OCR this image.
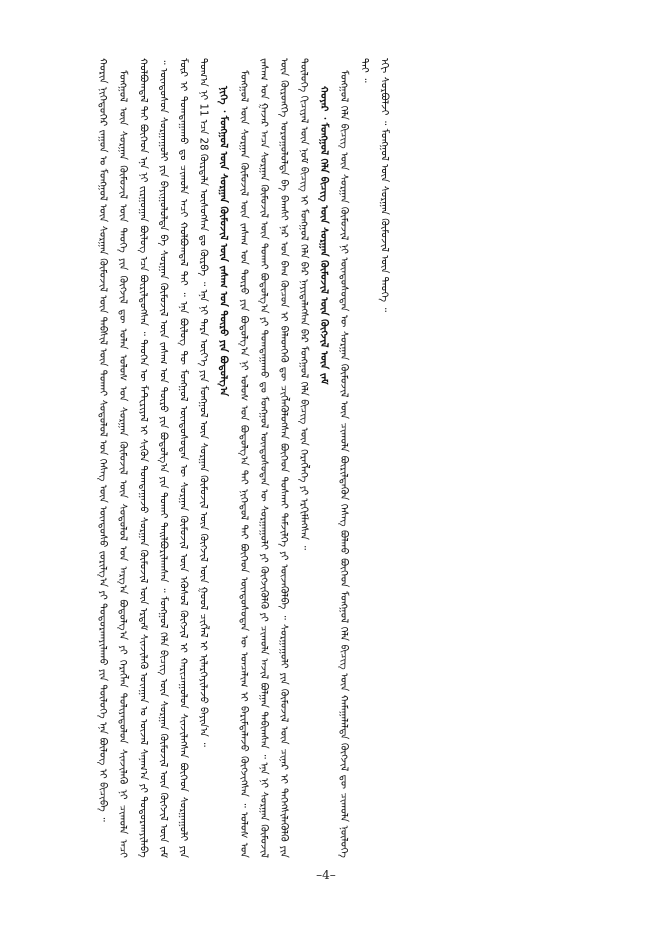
ᠬᠣᠷᠢᠨ ᠨᠢᠭᠡᠳᠦᠭᠡᠷ ᠵᠠᠭᠤᠨ ᠤ ᠮᠣᠩᠭᠣᠯ ᠦᠨ ᠰᠤᠷᠭᠠᠨ ᠬᠦᠮᠦᠵᠢᠯ ᠦᠨ ᠳᠡᠪᠰᠢᠯ ᠦᠨ ᠲᠤᠬᠠᠢ ᠰᠤᠳᠤᠯᠤᠯ ᠤᠨ ᠬᠡᠰᠡᠭ ᠦᠨ ᠦᠨᠳᠦᠰᠦ ᠵᠣᠷᠢᠯᠭ᠎ᠠ ᠶᠢ ᠲᠣᠳᠤᠷᠬᠠᠶᠢᠯᠠᠬᠤ ᠶᠢᠨ ᠲᠥᠯᠦᠭᠡ ᠡᠨᠡ ᠪᠥᠯᠥᠭ ᠢ ᠪᠢᠴᠢᠪᠡ ᠃ ᠮᠣᠩᠭᠣᠯ ᠦᠨ ᠰᠤᠷᠭᠠᠨ ᠬᠦᠮᠦᠵᠢᠯ ᠦᠨ ᠲᠡᠦᠬᠡ ᠶᠢᠨ ᠬᠥᠭᠵᠢᠯ ᠳᠦ ᠣᠯᠠᠨ ᠤᠯᠤᠰ ᠤᠨ ᠰᠤᠷᠭᠠᠨ ᠬᠦᠮᠦᠵᠢᠯ ᠦᠨ ᠰᠤᠳᠤᠯᠤᠯ ᠤᠨ ᠠᠷᠭ᠎ᠠ ᠪᠣᠳᠤᠯᠭ᠎ᠠ ᠶᠢ ᠬᠡᠷᠡᠭᠯᠡᠨ ᠲᠣᠯᠢᠶᠠᠳᠤᠯᠤᠨ ᠰᠢᠨᠵᠢᠯᠡᠬᠦ ᠨᠢ ᠴᠢᠬᠤᠯᠠ ᠠᠴᠢ ᠬᠣᠯᠪᠣᠭᠳᠠᠯ ᠲᠠᠢ ᠪᠥᠭᠡᠳ ᠡᠨᠡ ᠨᠢ ᠵᠢᠷᠭᠤᠭᠠᠨ ᠪᠦᠯᠦᠭ ᠡᠴᠡ ᠪᠦᠷᠢᠯᠳᠦᠭᠰᠡᠨ ᠃ ᠳᠡᠦᠬᠡᠨ ᠦ ᠮᠠᠲ᠋ᠧᠷᠢᠶᠠᠯ ᠢ ᠰᠢᠭᠦᠨ ᠲᠣᠭᠲᠠᠭᠠᠵᠤ ᠰᠤᠷᠭᠠᠨ ᠬᠦᠮᠦᠵᠢᠯ ᠦᠨ ᠡᠷᠳᠡᠮ ᠰᠢᠨᠵᠢᠯᠡᠬᠦ ᠤᢈᠠᠭᠠᠨ ᠤ ᠦᠵᠡᠯ ᠰᠠᠨᠠᠭ᠎ᠠ ᠶᠢ ᠲᠣᠳᠤᠷᠬᠠᠶᠢᠯᠠᠪᠠ ᠃ ᠦᠨᠳᠦᠰᠦᠨ ᠰᠤᠷᠭᠠᠭᠤᠯᠢ ᠶᠢᠨ ᠪᠠᠶᠢᠭᠤᠯᠤᠯᠳᠠ ᠪᠠ ᠰᠤᠷᠭᠠᠨ ᠬᠦᠮᠦᠵᠢᠯ ᠦᠨ ᠵᠠᠰᠠᠭ ᠤᠨ ᠲᠥᠷᠦ ᠶᠢᠨ ᠪᠣᠳᠣᠯᠭ᠎ᠠ ᠶᠢᠨ ᠲᠤᠬᠠᠢ ᠲᠠᠢᠯᠪᠤᠷᠢᠯᠠᠭᠰᠠᠨ ᠃ ᠮᠣᠩᠭᠣᠯ ᠬᠡᠯᠡ ᠪᠢᠴᠢᠭ ᠦᠨ ᠰᠤᠷᠭᠠᠨ ᠬᠦᠮᠦᠵᠢᠯ ᠦᠨ ᠬᠥᠭᠵᠢᠯ ᠦᠨ ᠵᠠᠮ ᠮᠥᠷ ᠢ ᠲᠣᠭᠲᠠᠭᠠᠬᠤ ᠳᠤ ᠴᠢᠬᠤᠯᠠ ᠠᠴᠢ ᠬᠣᠯᠪᠣᠭᠳᠠᠯ ᠲᠠᠢ ᠃ ᠡᠨᠡ ᠪᠦᠯᠦᠭ ᠲᠦ ᠮᠣᠩᠭᠣᠯ ᠦᠨᠳᠦᠰᠦᠲᠡᠨ ᠦ ᠰᠤᠷᠭᠠᠨ ᠬᠦᠮᠦᠵᠢᠯ ᠦᠨ ᠡᠭᠦᠰᠦᠯ ᠬᠥᠭᠵᠢᠯ ᠢ ᠬᠠᠷᠢᠴᠠᠭᠤᠯᠤᠨ ᠰᠢᠨᠵᠢᠯᠡᠭᠰᠡᠨ ᠪᠥᠭᠡᠳ ᠰᠤᠷᠭᠠᠭᠤᠯᠢ ᠶᠢᠨ ᠲᠣᠭ᠎ᠠ ᠨᠢ 11 ᠡᠴᠡ 28 ᠬᠦᠷᠲᠡᠯᠡ ᠥᠰᠦᠭᠰᠡᠨ ᠳᠤ ᠬᠦᠷᠪᠡ ᠃ ᠡᠨᠡ ᠨᠢ ᠲᠡᠷᠡ ᠦᠶ᠎ᠡ ᠶᠢᠨ ᠮᠣᠩᠭᠣᠯ ᠦᠨ ᠰᠤᠷᠭᠠᠨ ᠬᠦᠮᠦᠵᠢᠯ ᠦᠨ ᠬᠥᠭᠵᠢᠯ ᠦᠨ ᠭᠣᠣᠯ ᠴᠢᠭᠯᠡᠯ ᠢ ᠢᠯᠡᠷᠬᠡᠶᠢᠯᠡᠵᠦ ᠪᠠᠶᠢᠨ᠎ᠠ ᠃ ᠨᠢᠭᠡ ᠂ ᠮᠣᠩᠭᠣᠯ ᠦᠨ ᠰᠤᠷᠭᠠᠨ ᠬᠦᠮᠦᠵᠢᠯ ᠦᠨ ᠵᠠᠰᠠᠭ ᠤᠨ ᠲᠥᠷᠦ ᠶᠢᠨ ᠪᠣᠳᠣᠯᠭ᠎ᠠ ᠮᠣᠩᠭᠣᠯ ᠦᠨ ᠰᠤᠷᠭᠠᠨ ᠬᠦᠮᠦᠵᠢᠯ ᠦᠨ ᠵᠠᠰᠠᠭ ᠤᠨ ᠲᠥᠷᠦ ᠶᠢᠨ ᠪᠣᠳᠣᠯᠭ᠎ᠠ ᠨᠢ ᠤᠯᠤᠰ ᠤᠨ ᠪᠣᠳᠣᠯᠭ᠎ᠠ ᠲᠠᠢ ᠨᠢᠭᠡᠳᠦᠯ ᠲᠡᠢ ᠪᠥᠭᠡᠳ ᠦᠨᠳᠦᠰᠦᠲᠡᠨ ᠦ ᠣᠨᠴᠠᠯᠢᠭ ᠢ ᠪᠠᠷᠢᠮᠲᠠᠯᠠᠵᠤ ᠬᠥᠭᠵᠢᠭᠰᠡᠨ ᠃ ᠤᠯᠤᠰ ᠤᠨ ᠵᠠᠰᠠᠭ ᠤᠨ ᠭᠠᠵᠠᠷ ᠠᠴᠠ ᠰᠤᠷᠭᠠᠨ ᠬᠦᠮᠦᠵᠢᠯ ᠦᠨ ᠲᠤᠬᠠᠢ ᠪᠣᠳᠣᠯᠭ᠎ᠠ ᠶᠢ ᠲᠣᠭᠲᠠᠭᠠᠬᠤ ᠳᠤ ᠮᠣᠩᠭᠣᠯ ᠦᠨᠳᠦᠰᠦᠲᠡᠨ ᠦ ᠰᠤᠷᠭᠠᠭᠤᠯᠢ ᠶᠢ ᠬᠥᠭᠵᠢᠭᠦᠯᠬᠦ ᠶᠢ ᠴᠢᠬᠤᠯᠠ ᠠᠵᠢᠯ ᠪᠣᠯᠭᠠᠨ ᠲᠠᠪᠢᠭᠰᠠᠨ ᠃ ᠡᠨᠡ ᠨᠢ ᠰᠤᠷᠭᠠᠨ ᠬᠦᠮᠦᠵᠢᠯ ᠦᠨ ᠬᠥᠷᠥᠩᠭᠡ ᠣᠷᠤᠭᠤᠯᠤᠯᠳᠠ ᠪᠠ ᠪᠠᠭᠰᠢ ᠨᠠᠷ ᠤᠨ ᠪᠠᠭ ᠬᠦᠴᠦᠨ ᠢ ᠪᠡᠯᠡᠳᠬᠡᠬᠦ ᠳᠦ ᠴᠢᠭᠯᠡᠭᠦᠯᠦᠭᠰᠡᠨ ᠪᠥᠭᠡᠳ ᠲᠣᠰᠬᠠᠢ ᠳᠡᠮᠵᠢᠯᠭᠡ ᠶᠢ ᠦᠵᠡᠭᠦᠯᠪᠡ ᠃ ᠰᠤᠷᠭᠠᠭᠤᠯᠢ ᠶᠢᠨ ᠬᠥᠮᠦᠵᠢᠯ ᠦᠨ ᠴᠢᠨᠠᠷ ᠢ ᠳᠡᠭᠡᠭᠰᠢᠯᠡᠭᠦᠯᠬᠦ ᠶᠢᠨ ᠲᠥᠯᠦᠭᠡ ᠬᠢᠴᠢᠶᠡᠯ ᠦᠨ ᠨᠣᠮ ᠪᠢᠴᠢᠭ ᠢ ᠮᠣᠩᠭᠣᠯ ᠬᠡᠯᠡ ᠪᠡᠷ ᠨᠡᠶᠢᠲᠡᠯᠡᠭᠰᠡᠨ ᠪᠡᠷ ᠮᠣᠩᠭᠣᠯ ᠬᠡᠯᠡ ᠪᠢᠴᠢᠭ ᠦᠨ ᠬᠡᠷᠡᠭᠯᠡᠭᠡ ᠶᠢ ᠡᠷᠬᠢᠮᠯᠡᠭᠰᠡᠨ ᠃ ᠬᠣᠶᠠᠷ ᠂ ᠮᠣᠩᠭᠣᠯ ᠬᠡᠯᠡ ᠪᠢᠴᠢᠭ ᠦᠨ ᠰᠤᠷᠭᠠᠨ ᠬᠦᠮᠦᠵᠢᠯ ᠦᠨ ᠬᠥᠭᠵᠢᠯ ᠦᠨ ᠵᠠᠮ ᠮᠣᠩᠭᠣᠯ ᠬᠡᠯᠡ ᠪᠢᠴᠢᠭ ᠦᠨ ᠰᠤᠷᠭᠠᠨ ᠬᠦᠮᠦᠵᠢᠯ ᠨᠢ ᠦᠨᠳᠦᠰᠦᠲᠡᠨ ᠦ ᠰᠤᠷᠭᠠᠨ ᠬᠦᠮᠦᠵᠢᠯ ᠦᠨ ᠴᠢᠬᠤᠯᠠ ᠪᠦᠷᠢᠯᠳᠡᠬᠦᠨ ᠬᠡᠰᠡᠭ ᠪᠣᠯᠬᠤ ᠪᠥᠭᠡᠳ ᠮᠣᠩᠭᠣᠯ ᠬᠡᠯᠡ ᠪᠢᠴᠢᠭ ᠦᠨ ᠬᠠᠮᠠᠭᠠᠯᠠᠯᠳᠠ ᠬᠥᠭᠵᠢᠯ ᠳᠦ ᠴᠢᠬᠤᠯᠠ ᠨᠥᠯᠦᠭᠡ ᠲᠠᠢ ᠃ ᠡᠬᠢ ᠰᠤᠷᠪᠤᠯᠵᠢ ᠃ ᠮᠣᠩᠭᠣᠯ ᠦᠨ ᠰᠤᠷᠭᠠᠨ ᠬᠦᠮᠦᠵᠢᠯ ᠦᠨ ᠲᠡᠦᠬᠡ ᠃

–4–
